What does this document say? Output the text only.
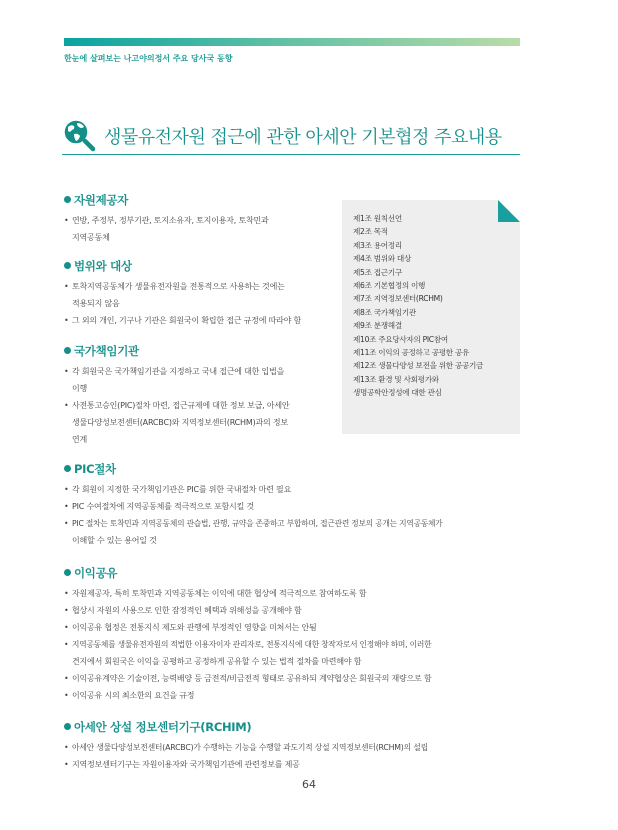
한눈에 살펴보는 나고야의정서 주요 당사국 동향
생물유전자원 접근에 관한 아세안 기본협정 주요내용
자원제공자
• 연방, 주정부, 정부기관, 토지소유자, 토지이용자, 토착민과
지역공동체
범위와 대상
• 토착지역공동체가 생물유전자원을 전통적으로 사용하는 것에는
적용되지 않음
• 그 외의 개인, 기구나 기관은 회원국이 확립한 접근 규정에 따라야 함
국가책임기관
• 각 회원국은 국가책임기관을 지정하고 국내 접근에 대한 입법을
이행
• 사전통고승인(PIC)절차 마련, 접근규제에 대한 정보 보급, 아세안
생물다양성보전센터(ARCBC)와 지역정보센터(RCHM)과의 정보
연계
PIC절차
• 각 회원이 지정한 국가책임기관은 PIC를 위한 국내절차 마련 필요
• PIC 수여절차에 지역공동체를 적극적으로 포함시킬 것
• PIC 절차는 토착민과 지역공동체의 관습법, 관행, 규약을 존중하고 부합하며, 접근관련 정보의 공개는 지역공동체가
이해할 수 있는 용어일 것
이익공유
• 자원제공자, 특히 토착민과 지역공동체는 이익에 대한 협상에 적극적으로 참여하도록 함
• 협상시 자원의 사용으로 인한 잠정적인 혜택과 위해성을 공개해야 함
• 이익공유 협정은 전통지식 제도와 관행에 부정적인 영향을 미쳐서는 안됨
• 지역공동체를 생물유전자원의 적법한 이용자이자 관리자로, 전통지식에 대한 창작자로서 인정해야 하며, 이러한
견지에서 회원국은 이익을 공평하고 공정하게 공유할 수 있는 법적 절차를 마련해야 함
• 이익공유계약은 기술이전, 능력배양 등 금전적/비금전적 형태로 공유하되 계약협상은 회원국의 재량으로 함
• 이익공유 시의 최소한의 요건을 규정
아세안 상설 정보센터기구(RCHIM)
• 아세안 생물다양성보전센터(ARCBC)가 수행하는 기능을 수행할 과도기적 상설 지역정보센터(RCHM)의 설립
• 지역정보센터기구는 자원이용자와 국가책임기관에 관련정보를 제공
제1조 원칙선언
제2조 목적
제3조 용어정리
제4조 범위와 대상
제5조 접근기구
제6조 기본협정의 이행
제7조 지역정보센터(RCHM)
제8조 국가책임기관
제9조 분쟁해결
제10조 주요당사자의 PIC참여
제11조 이익의 공정하고 공평한 공유
제12조 생물다양성 보전을 위한 공공기금
제13조 환경 및 사회평가와
생명공학안정성에 대한 관심
64
